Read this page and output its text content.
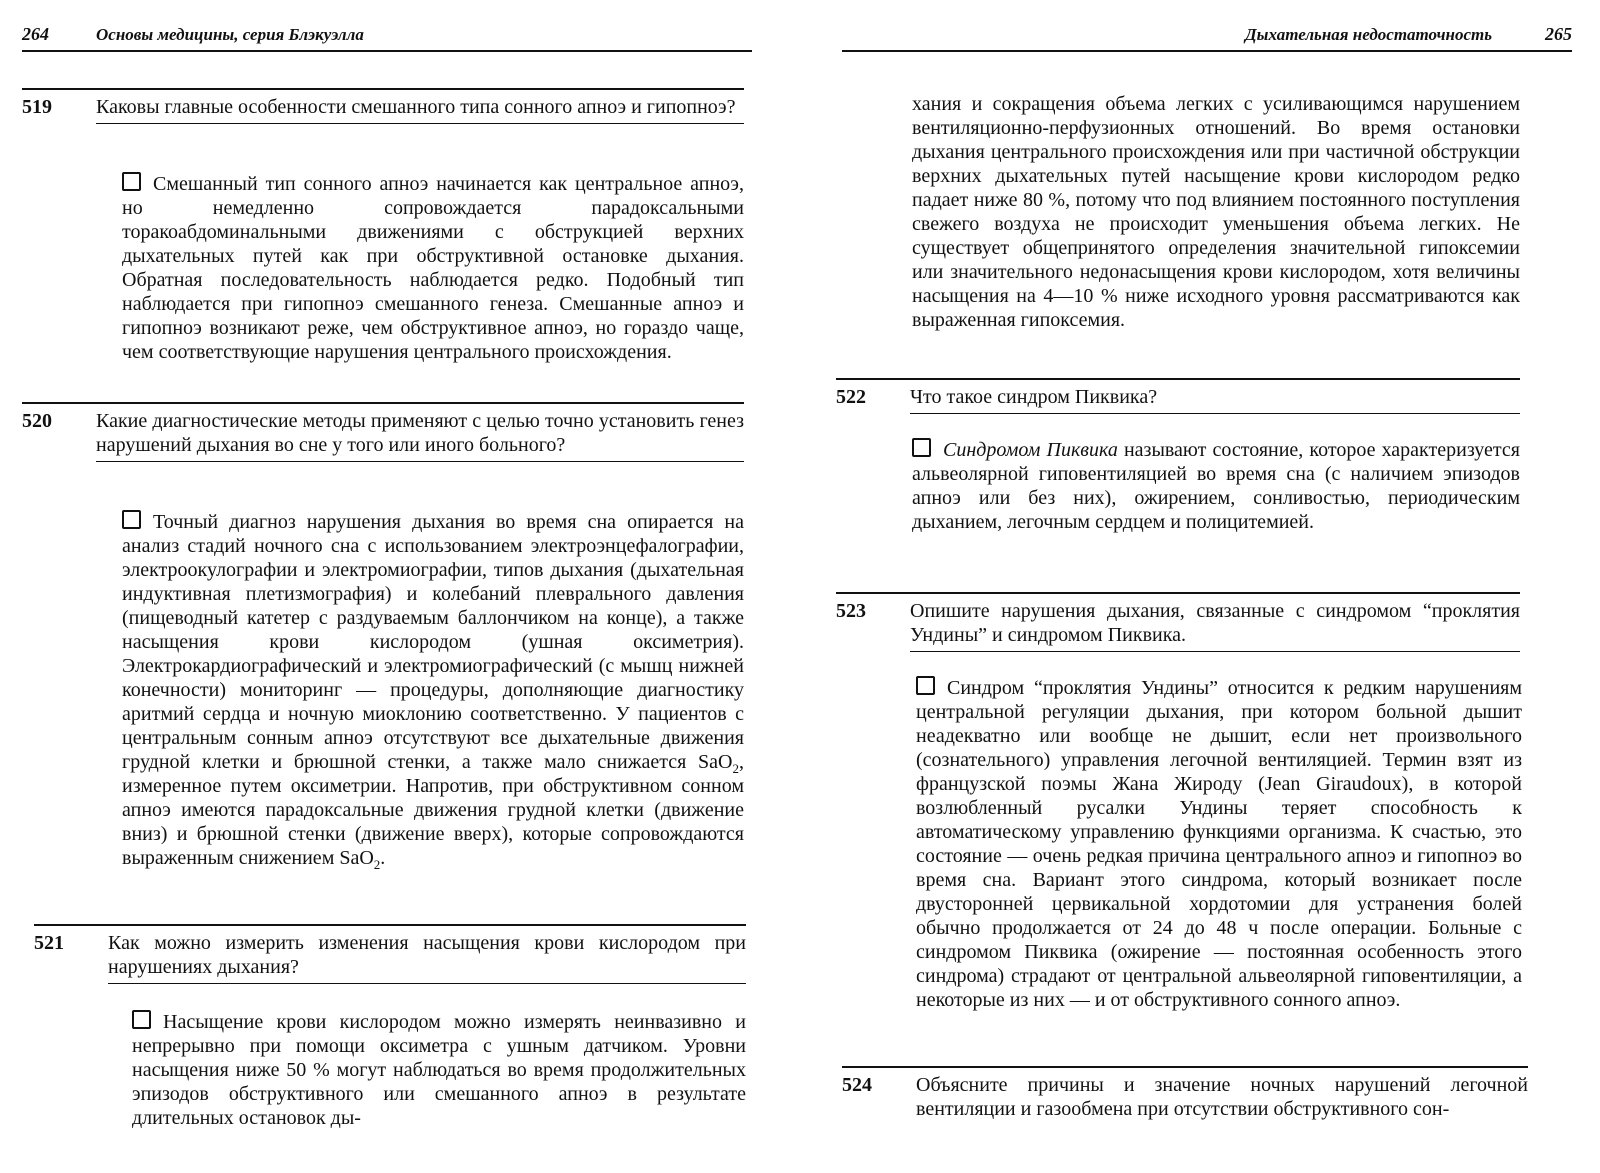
264	Основы медицины, серия Блэкуэлла
519 Каковы главные особенности смешанного типа сонного апноэ и гипопноэ?
Смешанный тип сонного апноэ начинается как центральное апноэ, но немедленно сопровождается парадоксальными торакоабдоминальными движениями с обструкцией верхних дыхательных путей как при обструктивной остановке дыхания. Обратная последовательность наблюдается редко. Подобный тип наблюдается при гипопноэ смешанного генеза. Смешанные апноэ и гипопноэ возникают реже, чем обструктивное апноэ, но гораздо чаще, чем соответствующие нарушения центрального происхождения.
520 Какие диагностические методы применяют с целью точно установить генез нарушений дыхания во сне у того или иного больного?
Точный диагноз нарушения дыхания во время сна опирается на анализ стадий ночного сна с использованием электроэнцефалографии, электроокулографии и электромиографии, типов дыхания (дыхательная индуктивная плетизмография) и колебаний плеврального давления (пищеводный катетер с раздуваемым баллончиком на конце), а также насыщения крови кислородом (ушная оксиметрия). Электрокардиографический и электромиографический (с мышц нижней конечности) мониторинг — процедуры, дополняющие диагностику аритмий сердца и ночную миоклонию соответственно. У пациентов с центральным сонным апноэ отсутствуют все дыхательные движения грудной клетки и брюшной стенки, а также мало снижается SaO$_2$, измеренное путем оксиметрии. Напротив, при обструктивном сонном апноэ имеются парадоксальные движения грудной клетки (движение вниз) и брюшной стенки (движение вверх), которые сопровождаются выраженным снижением SaO$_2$.
521 Как можно измерить изменения насыщения крови кислородом при нарушениях дыхания?
Насыщение крови кислородом можно измерять неинвазивно и непрерывно при помощи оксиметра с ушным датчиком. Уровни насыщения ниже 50 % могут наблюдаться во время продолжительных эпизодов обструктивного или смешанного апноэ в результате длительных остановок ды-
Дыхательная недостаточность	265
хания и сокращения объема легких с усиливающимся нарушением вентиляционно-перфузионных отношений. Во время остановки дыхания центрального происхождения или при частичной обструкции верхних дыхательных путей насыщение крови кислородом редко падает ниже 80 %, потому что под влиянием постоянного поступления свежего воздуха не происходит уменьшения объема легких. Не существует общепринятого определения значительной гипоксемии или значительного недонасыщения крови кислородом, хотя величины насыщения на 4—10 % ниже исходного уровня рассматриваются как выраженная гипоксемия.
522 Что такое синдром Пиквика?
Синдромом Пиквика называют состояние, которое характеризуется альвеолярной гиповентиляцией во время сна (с наличием эпизодов апноэ или без них), ожирением, сонливостью, периодическим дыханием, легочным сердцем и полицитемией.
523 Опишите нарушения дыхания, связанные с синдромом “проклятия Ундины” и синдромом Пиквика.
Синдром “проклятия Ундины” относится к редким нарушениям центральной регуляции дыхания, при котором больной дышит неадекватно или вообще не дышит, если нет произвольного (сознательного) управления легочной вентиляцией. Термин взят из французской поэмы Жана Жироду (Jean Giraudoux), в которой возлюбленный русалки Ундины теряет способность к автоматическому управлению функциями организма. К счастью, это состояние — очень редкая причина центрального апноэ и гипопноэ во время сна. Вариант этого синдрома, который возникает после двусторонней цервикальной хордотомии для устранения болей обычно продолжается от 24 до 48 ч после операции. Больные с синдромом Пиквика (ожирение — постоянная особенность этого синдрома) страдают от центральной альвеолярной гиповентиляции, а некоторые из них — и от обструктивного сонного апноэ.
524 Объясните причины и значение ночных нарушений легочной вентиляции и газообмена при отсутствии обструктивного сон-
